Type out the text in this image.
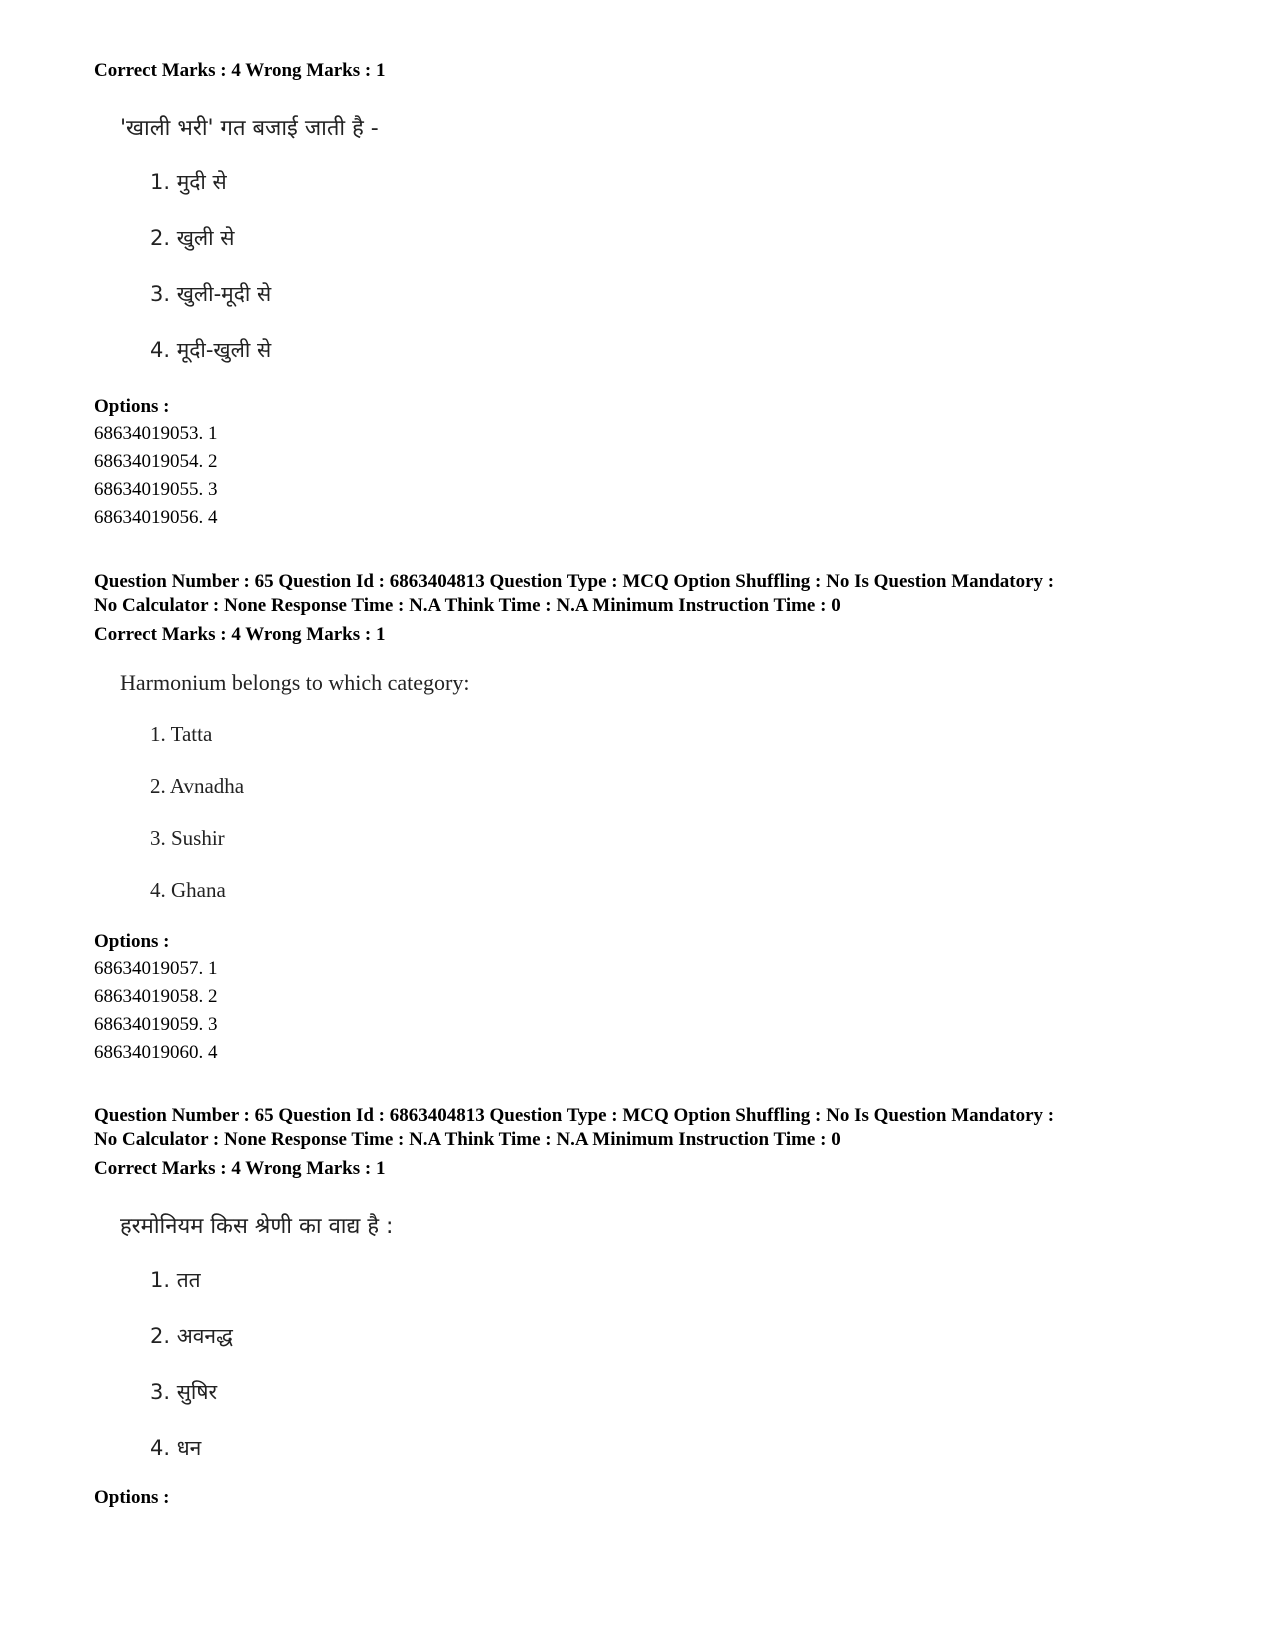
Correct Marks : 4 Wrong Marks : 1

'खाली भरी' गत बजाई जाती है -
1. मुदी से
2. खुली से
3. खुली-मूदी से
4. मूदी-खुली से

Options :

68634019053. 1

68634019054. 2

68634019055. 3

68634019056. 4

Question Number : 65 Question Id : 6863404813 Question Type : MCQ Option Shuffling : No Is Question Mandatory :

No Calculator : None Response Time : N.A Think Time : N.A Minimum Instruction Time : 0

Correct Marks : 4 Wrong Marks : 1

Harmonium belongs to which category:
1. Tatta
2. Avnadha
3. Sushir
4. Ghana

Options :

68634019057. 1

68634019058. 2

68634019059. 3

68634019060. 4

Question Number : 65 Question Id : 6863404813 Question Type : MCQ Option Shuffling : No Is Question Mandatory :

No Calculator : None Response Time : N.A Think Time : N.A Minimum Instruction Time : 0

Correct Marks : 4 Wrong Marks : 1

हरमोनियम किस श्रेणी का वाद्य है :
1. तत
2. अवनद्ध
3. सुषिर
4. धन

Options :
